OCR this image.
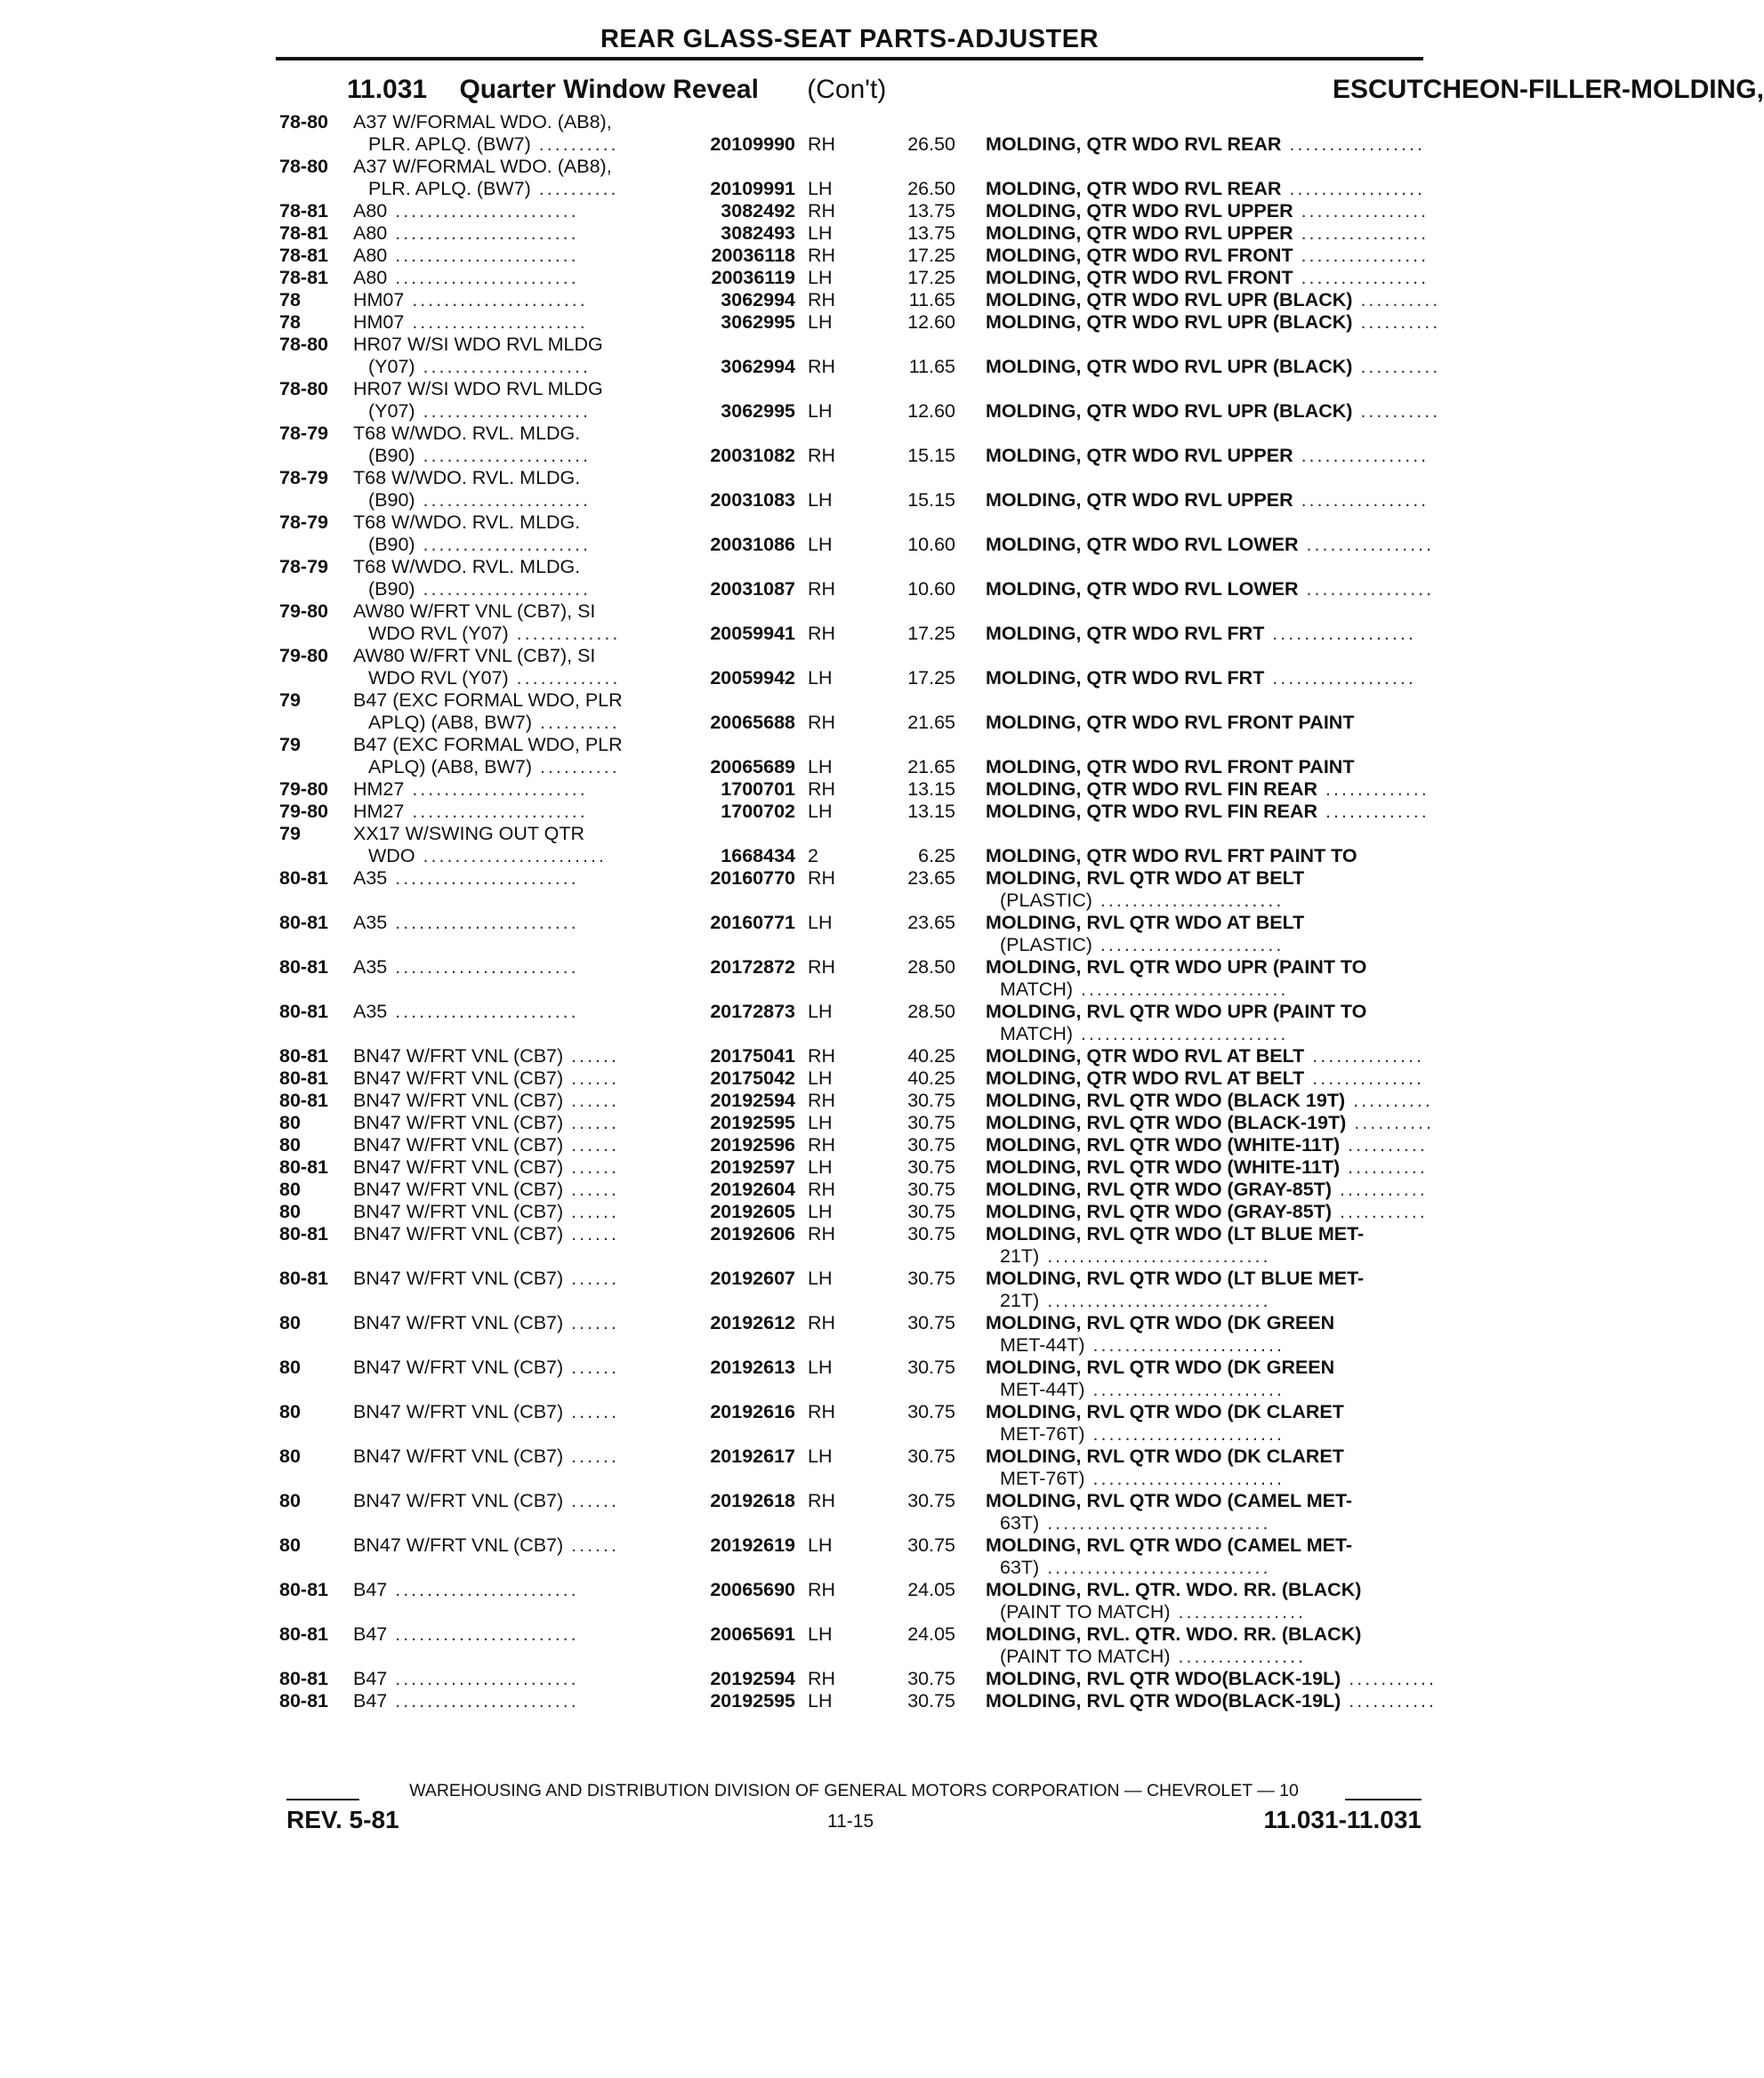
REAR GLASS-SEAT PARTS-ADJUSTER
11.031	ESCUTCHEON-FILLER-MOLDING,
Quarter Window Reveal (Con't)
78-80	A37 W/FORMAL WDO. (AB8),
PLR. APLQ. (BW7) ..........	20109990 RH	26.50 MOLDING, QTR WDO RVL REAR .................
78-80	A37 W/FORMAL WDO. (AB8),
PLR. APLQ. (BW7) ..........	20109991 LH	26.50 MOLDING, QTR WDO RVL REAR .................
78-81	A80 .......................	3082492 RH	13.75 MOLDING, QTR WDO RVL UPPER ................
78-81	A80 .......................	3082493 LH	13.75 MOLDING, QTR WDO RVL UPPER ................
78-81	A80 .......................	20036118 RH	17.25 MOLDING, QTR WDO RVL FRONT ................
78-81	A80 .......................	20036119 LH	17.25 MOLDING, QTR WDO RVL FRONT ................
78	HM07 ......................	3062994 RH	11.65 MOLDING, QTR WDO RVL UPR (BLACK) ..........
78	HM07 ......................	3062995 LH	12.60 MOLDING, QTR WDO RVL UPR (BLACK) ..........
78-80	HR07 W/SI WDO RVL MLDG
(Y07) .....................	3062994 RH	11.65 MOLDING, QTR WDO RVL UPR (BLACK) ..........
78-80	HR07 W/SI WDO RVL MLDG
(Y07) .....................	3062995 LH	12.60 MOLDING, QTR WDO RVL UPR (BLACK) ..........
78-79	T68 W/WDO. RVL. MLDG.
(B90) .....................	20031082 RH	15.15 MOLDING, QTR WDO RVL UPPER ................
78-79	T68 W/WDO. RVL. MLDG.
(B90) .....................	20031083 LH	15.15 MOLDING, QTR WDO RVL UPPER ................
78-79	T68 W/WDO. RVL. MLDG.
(B90) .....................	20031086 LH	10.60 MOLDING, QTR WDO RVL LOWER ................
78-79	T68 W/WDO. RVL. MLDG.
(B90) .....................	20031087 RH	10.60 MOLDING, QTR WDO RVL LOWER ................
79-80	AW80 W/FRT VNL (CB7), SI
WDO RVL (Y07) .............	20059941 RH	17.25 MOLDING, QTR WDO RVL FRT ..................
79-80	AW80 W/FRT VNL (CB7), SI
WDO RVL (Y07) .............	20059942 LH	17.25 MOLDING, QTR WDO RVL FRT ..................
79	B47 (EXC FORMAL WDO, PLR
APLQ) (AB8, BW7) ..........	20065688 RH	21.65 MOLDING, QTR WDO RVL FRONT PAINT
79	B47 (EXC FORMAL WDO, PLR
APLQ) (AB8, BW7) ..........	20065689 LH	21.65 MOLDING, QTR WDO RVL FRONT PAINT
79-80	HM27 ......................	1700701 RH	13.15 MOLDING, QTR WDO RVL FIN REAR .............
79-80	HM27 ......................	1700702 LH	13.15 MOLDING, QTR WDO RVL FIN REAR .............
79	XX17 W/SWING OUT QTR
WDO .......................	1668434 2	6.25 MOLDING, QTR WDO RVL FRT PAINT TO
80-81	A35 .......................	20160770 RH	23.65 MOLDING, RVL QTR WDO AT BELT
(PLASTIC) .......................
80-81	A35 .......................	20160771 LH	23.65 MOLDING, RVL QTR WDO AT BELT
(PLASTIC) .......................
80-81	A35 .......................	20172872 RH	28.50 MOLDING, RVL QTR WDO UPR (PAINT TO
MATCH) ..........................
80-81	A35 .......................	20172873 LH	28.50 MOLDING, RVL QTR WDO UPR (PAINT TO
MATCH) ..........................
80-81	BN47 W/FRT VNL (CB7) ......	20175041 RH	40.25 MOLDING, QTR WDO RVL AT BELT ..............
80-81	BN47 W/FRT VNL (CB7) ......	20175042 LH	40.25 MOLDING, QTR WDO RVL AT BELT ..............
80-81	BN47 W/FRT VNL (CB7) ......	20192594 RH	30.75 MOLDING, RVL QTR WDO (BLACK 19T) ..........
80	BN47 W/FRT VNL (CB7) ......	20192595 LH	30.75 MOLDING, RVL QTR WDO (BLACK-19T) ..........
80	BN47 W/FRT VNL (CB7) ......	20192596 RH	30.75 MOLDING, RVL QTR WDO (WHITE-11T) ..........
80-81	BN47 W/FRT VNL (CB7) ......	20192597 LH	30.75 MOLDING, RVL QTR WDO (WHITE-11T) ..........
80	BN47 W/FRT VNL (CB7) ......	20192604 RH	30.75 MOLDING, RVL QTR WDO (GRAY-85T) ...........
80	BN47 W/FRT VNL (CB7) ......	20192605 LH	30.75 MOLDING, RVL QTR WDO (GRAY-85T) ...........
80-81	BN47 W/FRT VNL (CB7) ......	20192606 RH	30.75 MOLDING, RVL QTR WDO (LT BLUE MET-
21T) ............................
80-81	BN47 W/FRT VNL (CB7) ......	20192607 LH	30.75 MOLDING, RVL QTR WDO (LT BLUE MET-
21T) ............................
80	BN47 W/FRT VNL (CB7) ......	20192612 RH	30.75 MOLDING, RVL QTR WDO (DK GREEN
MET-44T) ........................
80	BN47 W/FRT VNL (CB7) ......	20192613 LH	30.75 MOLDING, RVL QTR WDO (DK GREEN
MET-44T) ........................
80	BN47 W/FRT VNL (CB7) ......	20192616 RH	30.75 MOLDING, RVL QTR WDO (DK CLARET
MET-76T) ........................
80	BN47 W/FRT VNL (CB7) ......	20192617 LH	30.75 MOLDING, RVL QTR WDO (DK CLARET
MET-76T) ........................
80	BN47 W/FRT VNL (CB7) ......	20192618 RH	30.75 MOLDING, RVL QTR WDO (CAMEL MET-
63T) ............................
80	BN47 W/FRT VNL (CB7) ......	20192619 LH	30.75 MOLDING, RVL QTR WDO (CAMEL MET-
63T) ............................
80-81	B47 .......................	20065690 RH	24.05 MOLDING, RVL. QTR. WDO. RR. (BLACK)
(PAINT TO MATCH) ................
80-81	B47 .......................	20065691 LH	24.05 MOLDING, RVL. QTR. WDO. RR. (BLACK)
(PAINT TO MATCH) ................
80-81	B47 .......................	20192594 RH	30.75 MOLDING, RVL QTR WDO(BLACK-19L) ...........
80-81	B47 .......................	20192595 LH	30.75 MOLDING, RVL QTR WDO(BLACK-19L) ...........
WAREHOUSING AND DISTRIBUTION DIVISION OF GENERAL MOTORS CORPORATION — CHEVROLET — 10
REV. 5-81	11-15	11.031-11.031
